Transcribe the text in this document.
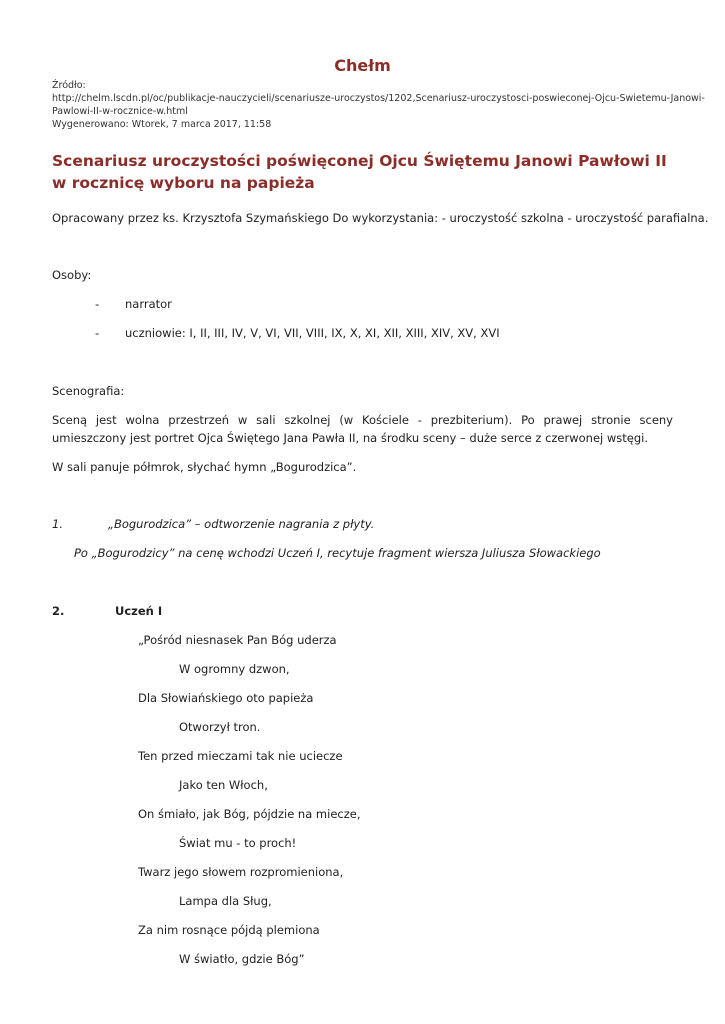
Chełm
Źródło:
http://chelm.lscdn.pl/oc/publikacje-nauczycieli/scenariusze-uroczystos/1202,Scenariusz-uroczystosci-poswieconej-Ojcu-Swietemu-Janowi-
Pawlowi-II-w-rocznice-w.html
Wygenerowano: Wtorek, 7 marca 2017, 11:58
Scenariusz uroczystości poświęconej Ojcu Świętemu Janowi Pawłowi II w rocznicę wyboru na papieża
Opracowany przez ks. Krzysztofa Szymańskiego Do wykorzystania: - uroczystość szkolna - uroczystość parafialna.
Osoby:
- narrator
- uczniowie: I, II, III, IV, V, VI, VII, VIII, IX, X, XI, XII, XIII, XIV, XV, XVI
Scenografia:
Sceną jest wolna przestrzeń w sali szkolnej (w Kościele - prezbiterium). Po prawej stronie sceny umieszczony jest portret Ojca Świętego Jana Pawła II, na środku sceny – duże serce z czerwonej wstęgi.
W sali panuje półmrok, słychać hymn „Bogurodzica”.
1.	„Bogurodzica” – odtworzenie nagrania z płyty.
Po „Bogurodzicy” na cenę wchodzi Uczeń I, recytuje fragment wiersza Juliusza Słowackiego
2.	Uczeń I
„Pośród niesnasek Pan Bóg uderza
W ogromny dzwon,
Dla Słowiańskiego oto papieża
Otworzył tron.
Ten przed mieczami tak nie ucieczе
Jako ten Włoch,
On śmiało, jak Bóg, pójdzie na miecze,
Świat mu - to proch!
Twarz jego słowem rozpromieniona,
Lampa dla Sług,
Za nim rosnące pójdą plemiona
W światło, gdzie Bóg”
